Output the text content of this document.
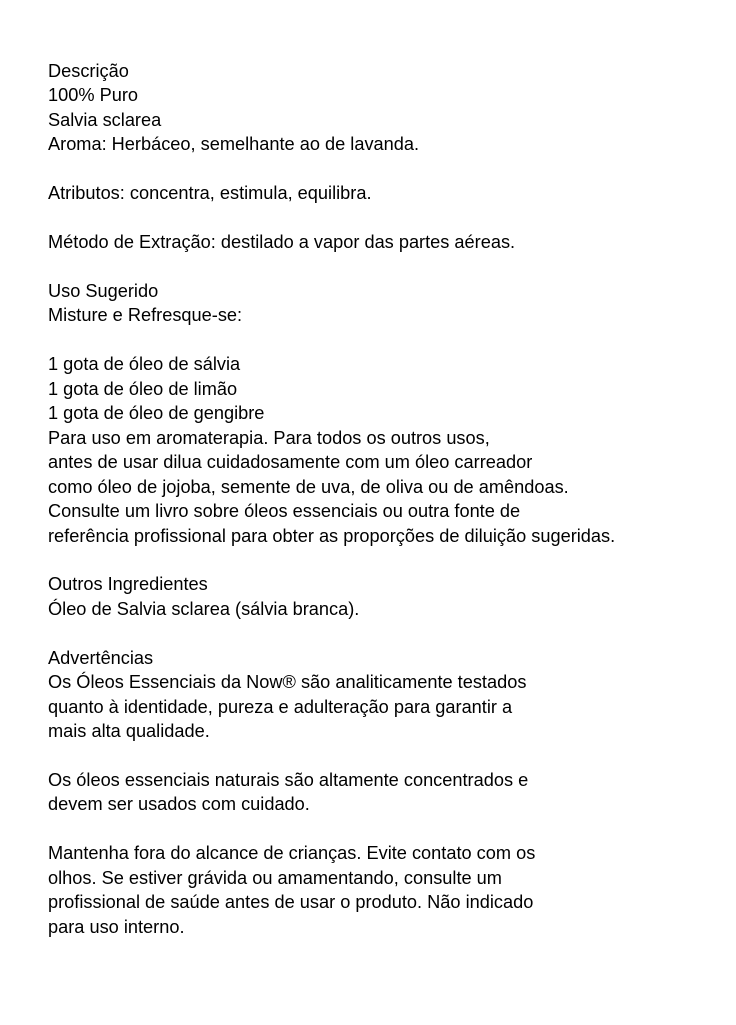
Descrição
100% Puro
Salvia sclarea
Aroma: Herbáceo, semelhante ao de lavanda.
Atributos: concentra, estimula, equilibra.
Método de Extração: destilado a vapor das partes aéreas.
Uso Sugerido
Misture e Refresque-se:
1 gota de óleo de sálvia
1 gota de óleo de limão
1 gota de óleo de gengibre
Para uso em aromaterapia. Para todos os outros usos,
antes de usar dilua cuidadosamente com um óleo carreador
como óleo de jojoba, semente de uva, de oliva ou de amêndoas.
Consulte um livro sobre óleos essenciais ou outra fonte de
referência profissional para obter as proporções de diluição sugeridas.
Outros Ingredientes
Óleo de Salvia sclarea (sálvia branca).
Advertências
Os Óleos Essenciais da Now® são analiticamente testados
quanto à identidade, pureza e adulteração para garantir a
mais alta qualidade.
Os óleos essenciais naturais são altamente concentrados e
devem ser usados com cuidado.
Mantenha fora do alcance de crianças. Evite contato com os
olhos. Se estiver grávida ou amamentando, consulte um
profissional de saúde antes de usar o produto. Não indicado
para uso interno.
